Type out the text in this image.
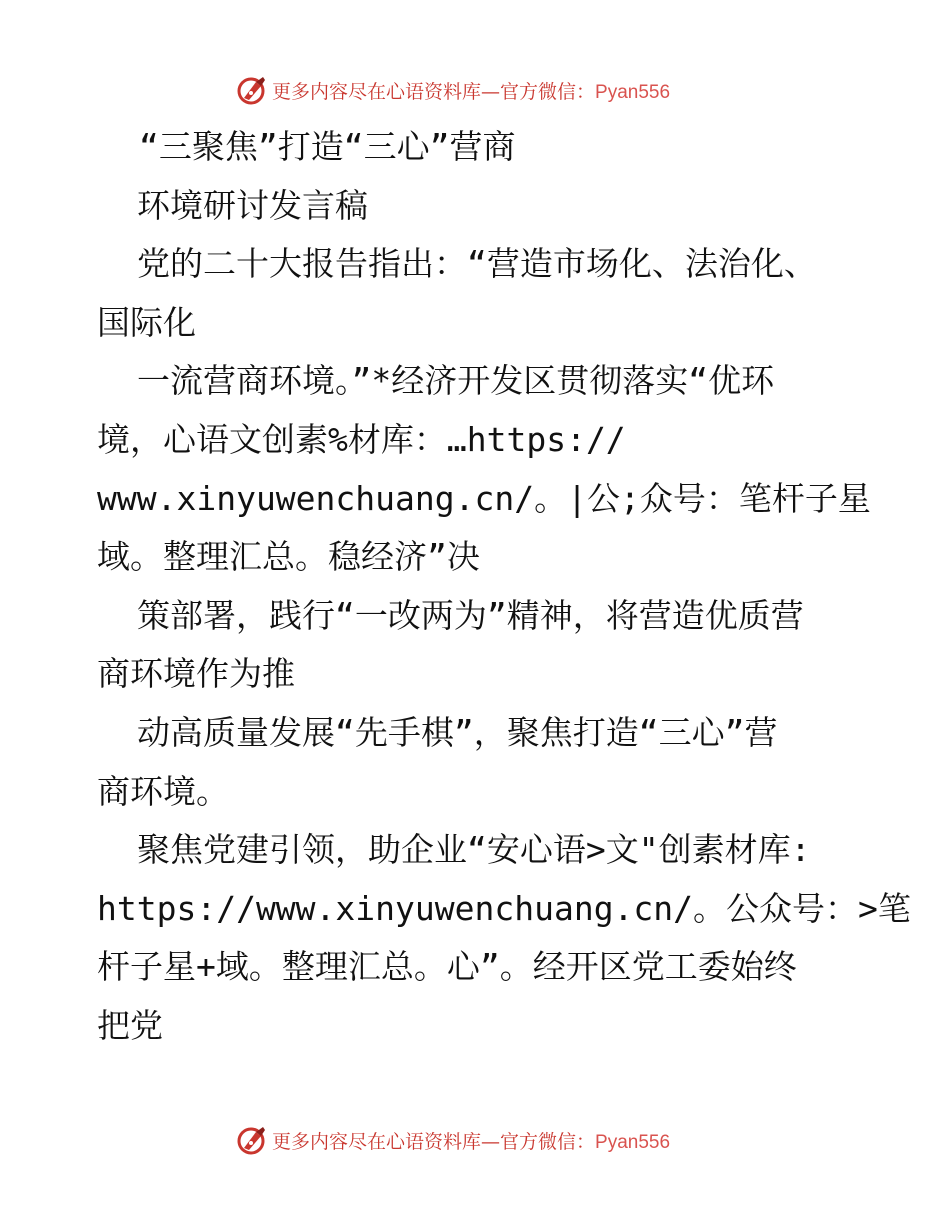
更多内容尽在心语资料库—官方微信：Pyan556
“三聚焦”打造“三心”营商
环境研讨发言稿
党的二十大报告指出：“营造市场化、法治化、
国际化
一流营商环境。”*经济开发区贯彻落实“优环
境，心语文创素%材库：…https://
www.xinyuwenchuang.cn/。|公;众号：笔杆子星
域。整理汇总。稳经济”决
策部署，践行“一改两为”精神，将营造优质营
商环境作为推
动高质量发展“先手棋”，聚焦打造“三心”营
商环境。
聚焦党建引领，助企业“安心语>文"创素材库:
https://www.xinyuwenchuang.cn/。公众号：>笔
杆子星+域。整理汇总。心”。经开区党工委始终
把党
更多内容尽在心语资料库—官方微信：Pyan556
